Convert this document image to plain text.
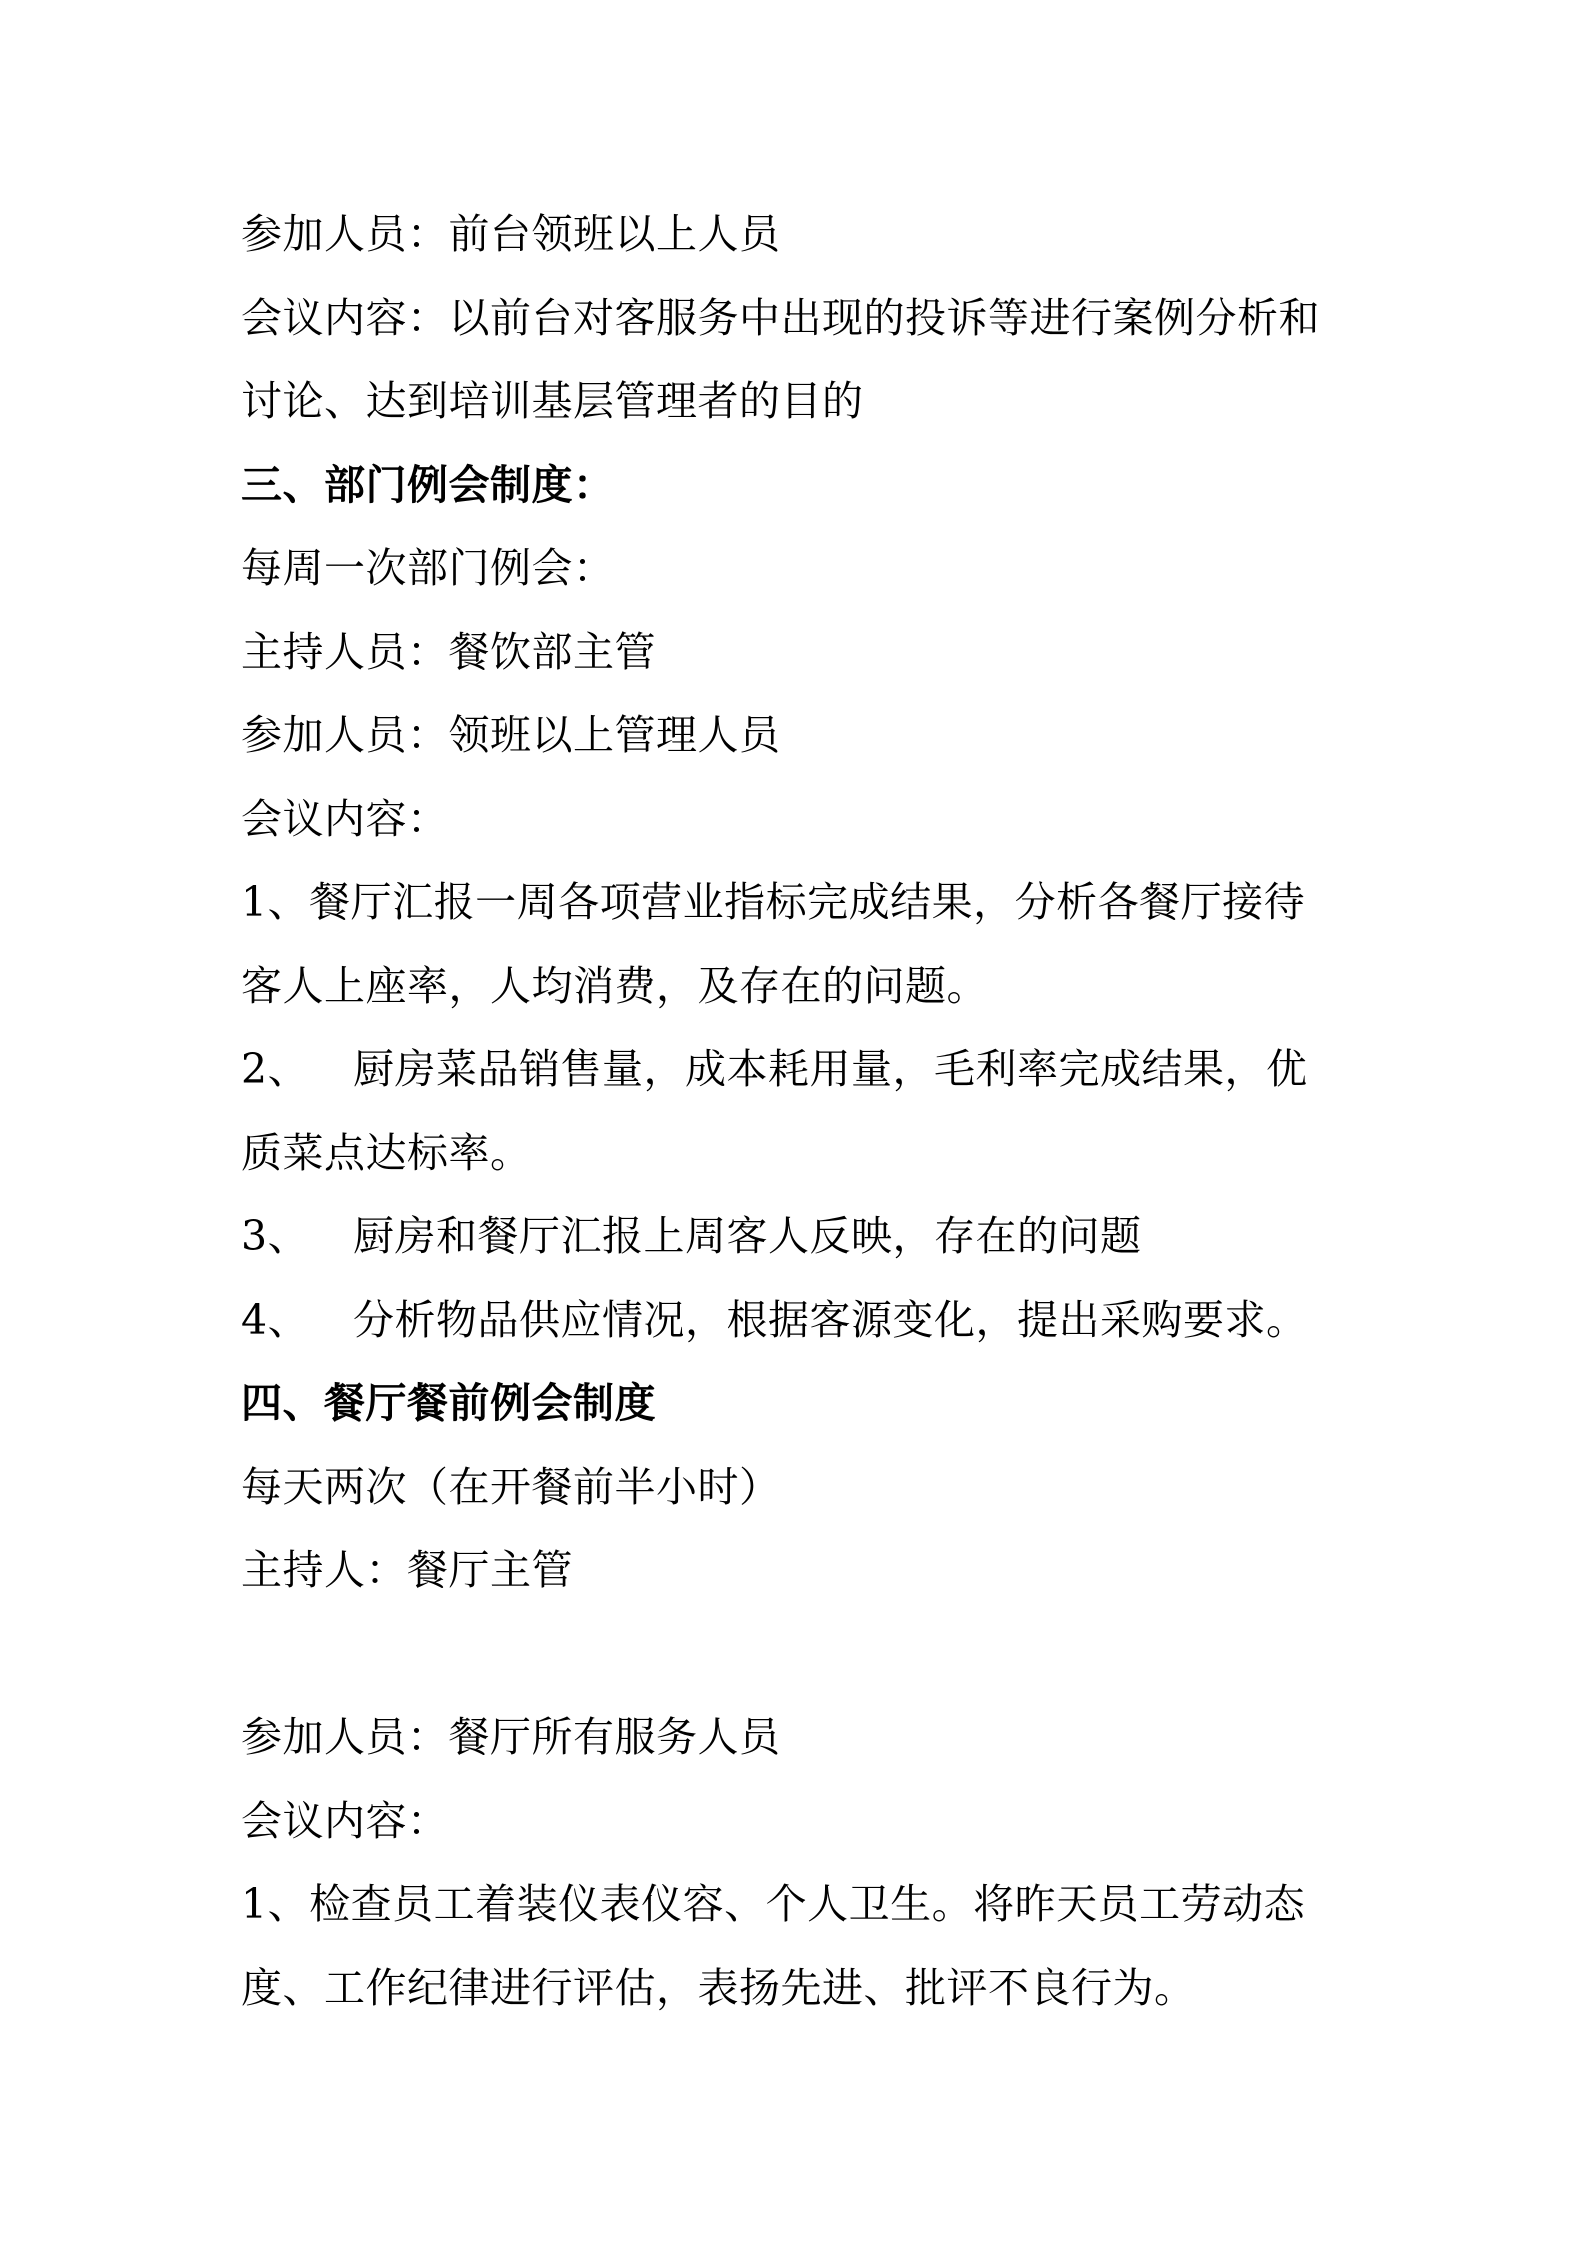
参加人员：前台领班以上人员
会议内容：以前台对客服务中出现的投诉等进行案例分析和
讨论、达到培训基层管理者的目的
三、部门例会制度：
每周一次部门例会：
主持人员：餐饮部主管
参加人员：领班以上管理人员
会议内容：
1、餐厅汇报一周各项营业指标完成结果，分析各餐厅接待
客人上座率，人均消费，及存在的问题。
2、 厨房菜品销售量，成本耗用量，毛利率完成结果，优
质菜点达标率。
3、 厨房和餐厅汇报上周客人反映，存在的问题
4、 分析物品供应情况，根据客源变化，提出采购要求。
四、餐厅餐前例会制度
每天两次（在开餐前半小时）
主持人：餐厅主管
参加人员：餐厅所有服务人员
会议内容：
1、检查员工着装仪表仪容、个人卫生。将昨天员工劳动态
度、工作纪律进行评估，表扬先进、批评不良行为。
